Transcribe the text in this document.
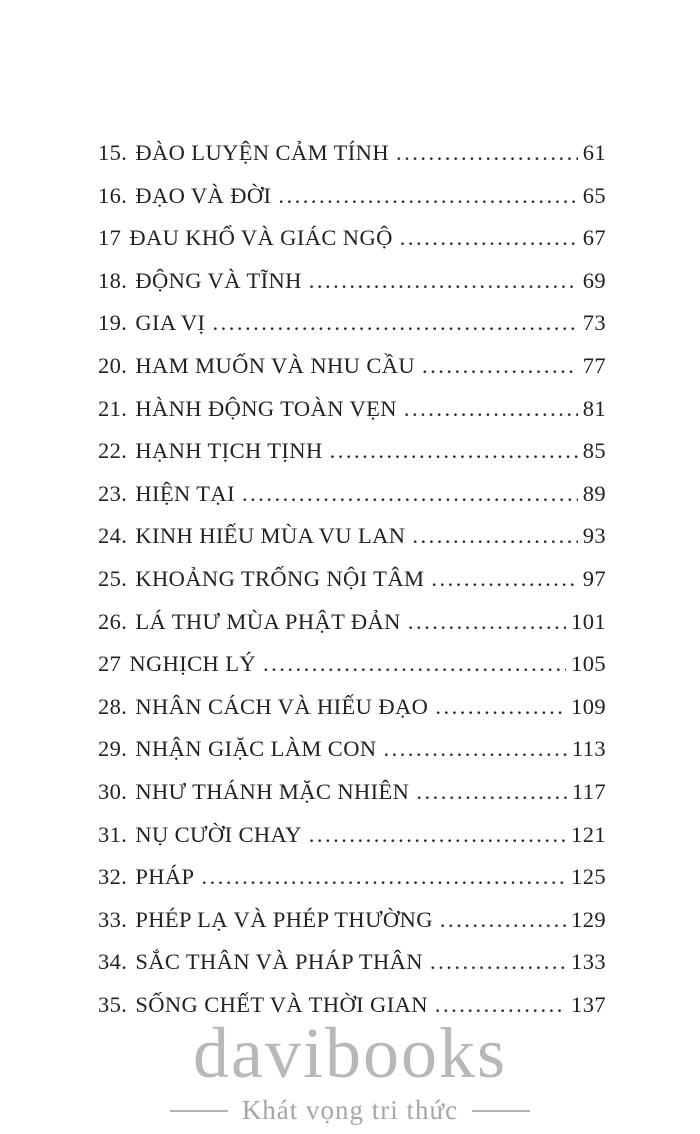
15. ĐÀO LUYỆN CẢM TÍNH .....	61
16. ĐẠO VÀ ĐỜI .....	65
17 ĐAU KHỔ VÀ GIÁC NGỘ .....	67
18. ĐỘNG VÀ TĨNH .....	69
19. GIA VỊ .....	73
20. HAM MUỐN VÀ NHU CẦU .....	77
21. HÀNH ĐỘNG TOÀN VẸN .....	81
22. HẠNH TỊCH TỊNH .....	85
23. HIỆN TẠI .....	89
24. KINH HIẾU MÙA VU LAN .....	93
25. KHOẢNG TRỐNG NỘI TÂM .....	97
26. LÁ THƯ MÙA PHẬT ĐẢN .....	101
27 NGHỊCH LÝ .....	105
28. NHÂN CÁCH VÀ HIẾU ĐẠO .....	109
29. NHẬN GIẶC LÀM CON .....	113
30. NHƯ THÁNH MẶC NHIÊN .....	117
31. NỤ CƯỜI CHAY .....	121
32. PHÁP .....	125
33. PHÉP LẠ VÀ PHÉP THƯỜNG .....	129
34. SẮC THÂN VÀ PHÁP THÂN .....	133
35. SỐNG CHẾT VÀ THỜI GIAN .....	137
davibooks
Khát vọng tri thức
